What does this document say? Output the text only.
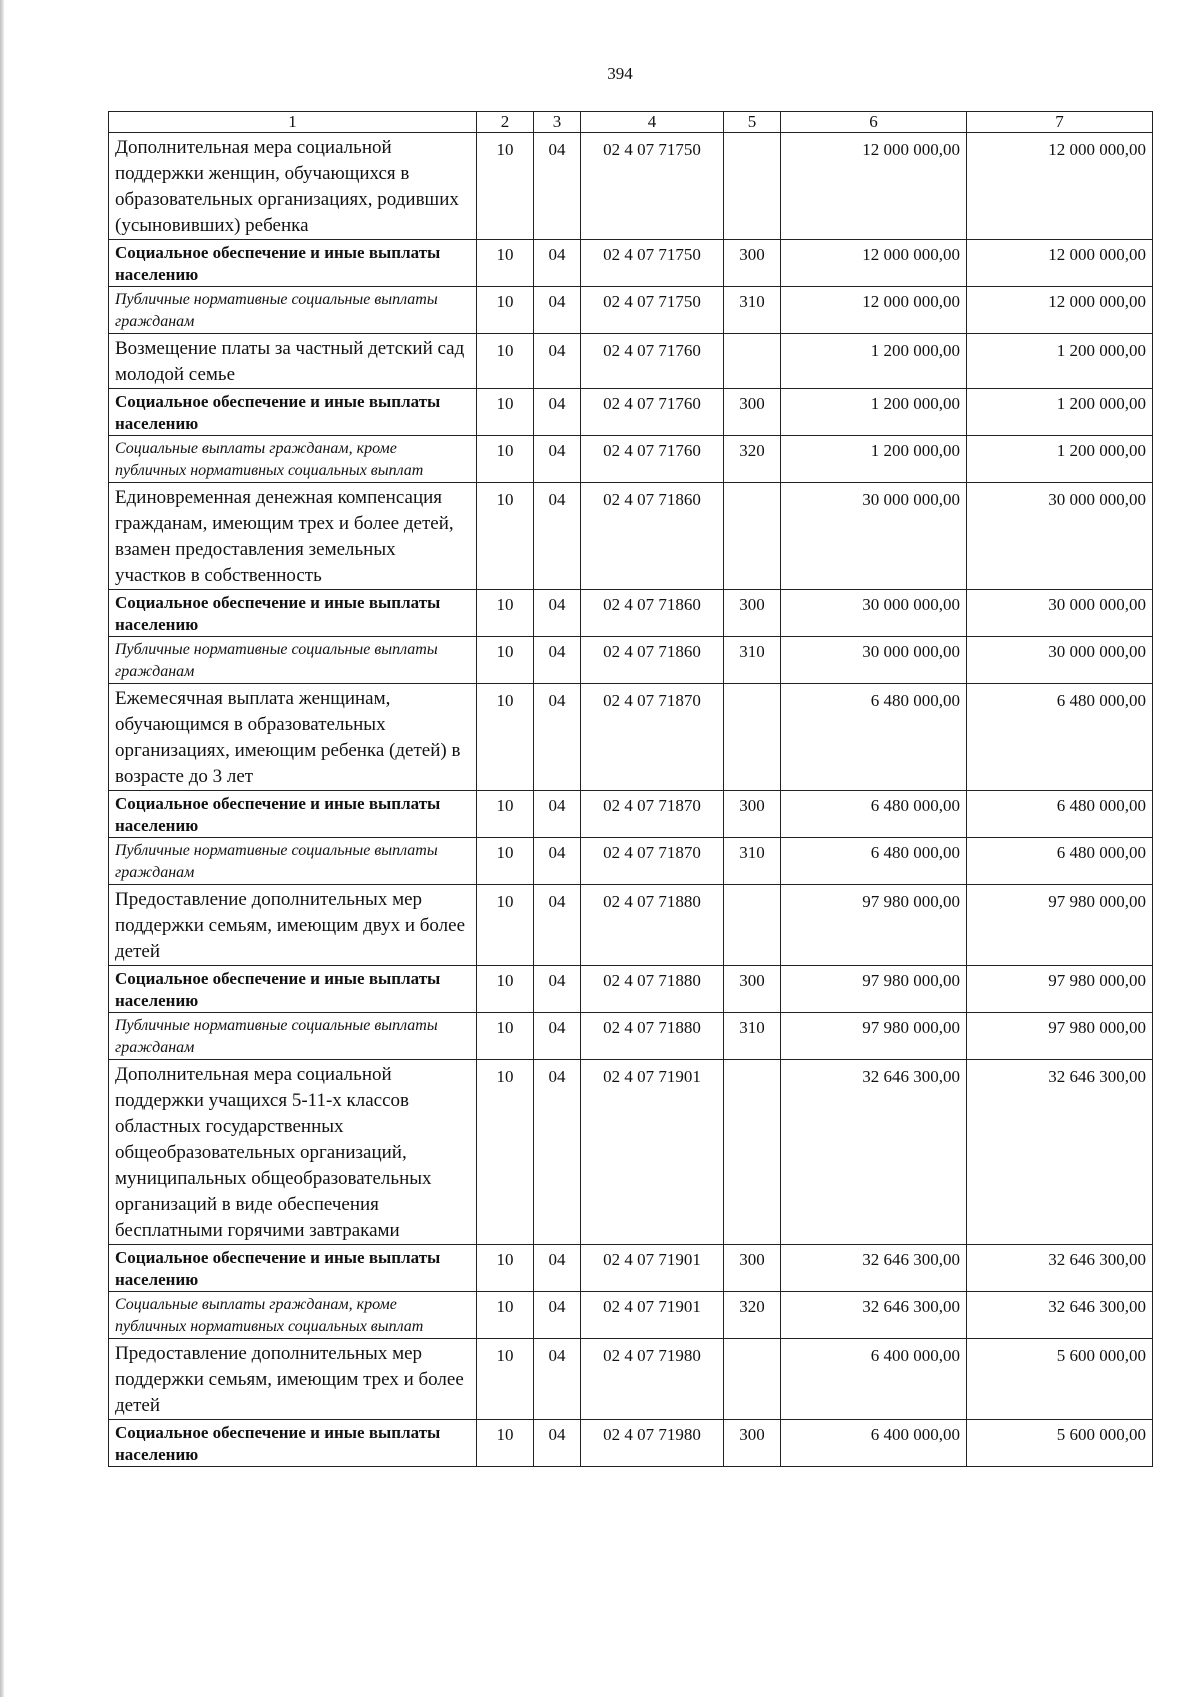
394
1	2	3	4	5	6	7
Дополнительная мера социальной поддержки женщин, обучающихся в образовательных организациях, родивших (усыновивших) ребенка	10	04	02 4 07 71750		12 000 000,00	12 000 000,00
Социальное обеспечение и иные выплаты населению	10	04	02 4 07 71750	300	12 000 000,00	12 000 000,00
Публичные нормативные социальные выплаты гражданам	10	04	02 4 07 71750	310	12 000 000,00	12 000 000,00
Возмещение платы за частный детский сад молодой семье	10	04	02 4 07 71760		1 200 000,00	1 200 000,00
Социальное обеспечение и иные выплаты населению	10	04	02 4 07 71760	300	1 200 000,00	1 200 000,00
Социальные выплаты гражданам, кроме публичных нормативных социальных выплат	10	04	02 4 07 71760	320	1 200 000,00	1 200 000,00
Единовременная денежная компенсация гражданам, имеющим трех и более детей, взамен предоставления земельных участков в собственность	10	04	02 4 07 71860		30 000 000,00	30 000 000,00
Социальное обеспечение и иные выплаты населению	10	04	02 4 07 71860	300	30 000 000,00	30 000 000,00
Публичные нормативные социальные выплаты гражданам	10	04	02 4 07 71860	310	30 000 000,00	30 000 000,00
Ежемесячная выплата женщинам, обучающимся в образовательных организациях, имеющим ребенка (детей) в возрасте до 3 лет	10	04	02 4 07 71870		6 480 000,00	6 480 000,00
Социальное обеспечение и иные выплаты населению	10	04	02 4 07 71870	300	6 480 000,00	6 480 000,00
Публичные нормативные социальные выплаты гражданам	10	04	02 4 07 71870	310	6 480 000,00	6 480 000,00
Предоставление дополнительных мер поддержки семьям, имеющим двух и более детей	10	04	02 4 07 71880		97 980 000,00	97 980 000,00
Социальное обеспечение и иные выплаты населению	10	04	02 4 07 71880	300	97 980 000,00	97 980 000,00
Публичные нормативные социальные выплаты гражданам	10	04	02 4 07 71880	310	97 980 000,00	97 980 000,00
Дополнительная мера социальной поддержки учащихся 5-11-х классов областных государственных общеобразовательных организаций, муниципальных общеобразовательных организаций в виде обеспечения бесплатными горячими завтраками	10	04	02 4 07 71901		32 646 300,00	32 646 300,00
Социальное обеспечение и иные выплаты населению	10	04	02 4 07 71901	300	32 646 300,00	32 646 300,00
Социальные выплаты гражданам, кроме публичных нормативных социальных выплат	10	04	02 4 07 71901	320	32 646 300,00	32 646 300,00
Предоставление дополнительных мер поддержки семьям, имеющим трех и более детей	10	04	02 4 07 71980		6 400 000,00	5 600 000,00
Социальное обеспечение и иные выплаты населению	10	04	02 4 07 71980	300	6 400 000,00	5 600 000,00
